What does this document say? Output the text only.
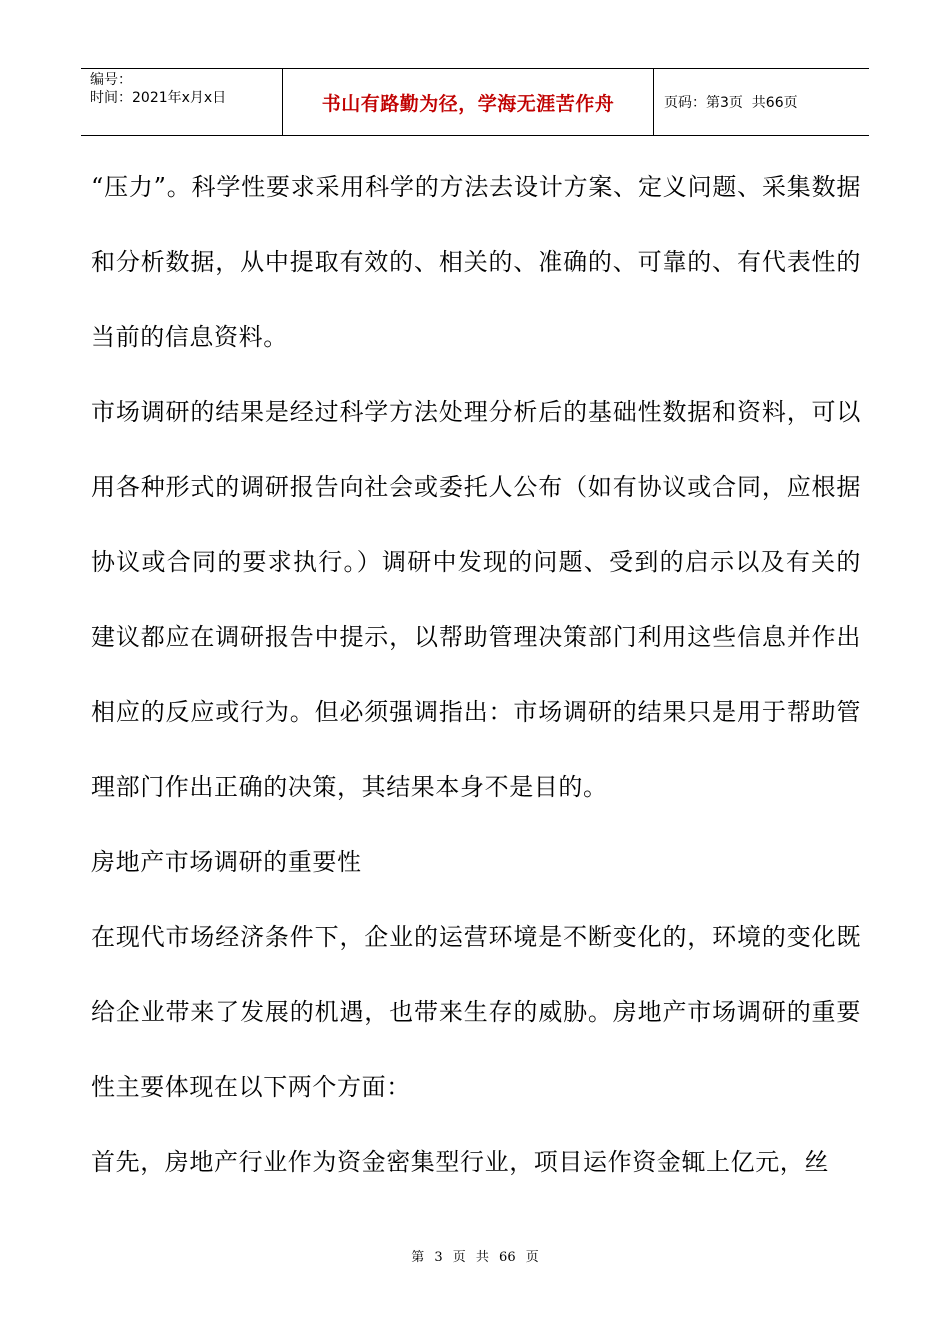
编号：
时间：2021年x月x日	书山有路勤为径，学海无涯苦作舟	页码：第3页  共66页

“压力”。科学性要求采用科学的方法去设计方案、定义问题、采集数据和分析数据，从中提取有效的、相关的、准确的、可靠的、有代表性的当前的信息资料。

市场调研的结果是经过科学方法处理分析后的基础性数据和资料，可以用各种形式的调研报告向社会或委托人公布（如有协议或合同，应根据协议或合同的要求执行。）调研中发现的问题、受到的启示以及有关的建议都应在调研报告中提示，以帮助管理决策部门利用这些信息并作出相应的反应或行为。但必须强调指出：市场调研的结果只是用于帮助管理部门作出正确的决策，其结果本身不是目的。

房地产市场调研的重要性

在现代市场经济条件下，企业的运营环境是不断变化的，环境的变化既给企业带来了发展的机遇，也带来生存的威胁。房地产市场调研的重要性主要体现在以下两个方面：

首先，房地产行业作为资金密集型行业，项目运作资金辄上亿元，丝

第 3 页 共 66 页
